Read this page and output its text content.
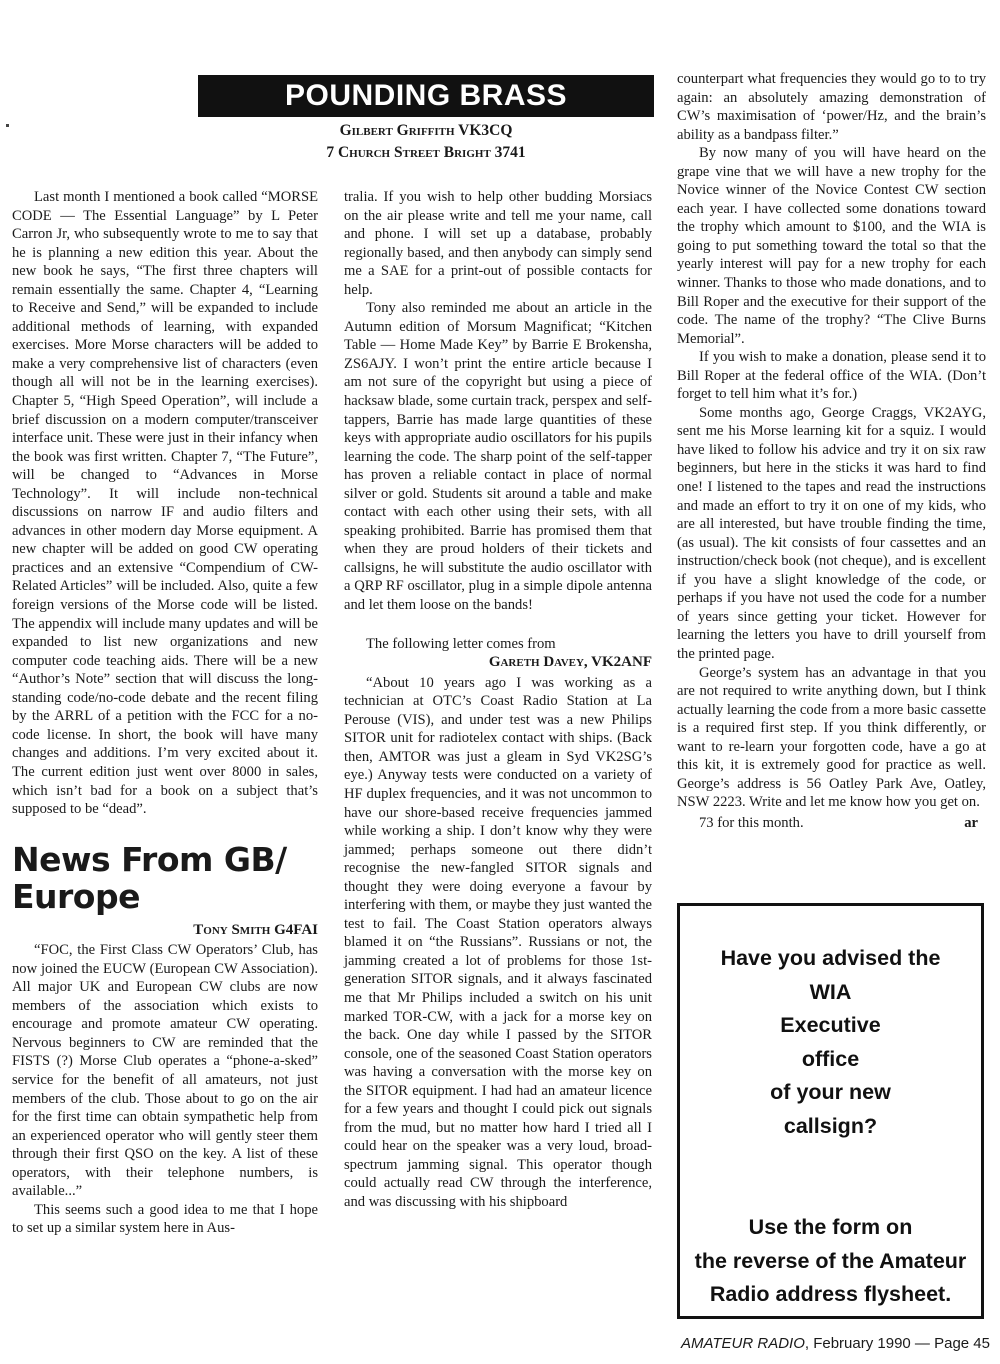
POUNDING BRASS
Gilbert Griffith VK3CQ
7 Church Street Bright 3741

Last month I mentioned a book called “MORSE CODE — The Essential Language” by L Peter Carron Jr, who subsequently wrote to me to say that he is planning a new edition this year. About the new book he says, “The first three chapters will remain essentially the same. Chapter 4, “Learning to Receive and Send,” will be expanded to include additional methods of learning, with expanded exercises. More Morse characters will be added to make a very comprehensive list of characters (even though all will not be in the learning exercises). Chapter 5, “High Speed Operation”, will include a brief discussion on a modern computer/transceiver interface unit. These were just in their infancy when the book was first written. Chapter 7, “The Future”, will be changed to “Advances in Morse Technology”. It will include non-technical discussions on narrow IF and audio filters and advances in other modern day Morse equipment. A new chapter will be added on good CW operating practices and an extensive “Compendium of CW-Related Articles” will be included. Also, quite a few foreign versions of the Morse code will be listed. The appendix will include many updates and will be expanded to list new organizations and new computer code teaching aids. There will be a new “Author’s Note” section that will discuss the long-standing code/no-code debate and the recent filing by the ARRL of a petition with the FCC for a no-code license. In short, the book will have many changes and additions. I’m very excited about it. The current edition just went over 8000 in sales, which isn’t bad for a book on a subject that’s supposed to be “dead”.

News From GB/ Europe
Tony Smith G4FAI

“FOC, the First Class CW Operators’ Club, has now joined the EUCW (European CW Association). All major UK and European CW clubs are now members of the association which exists to encourage and promote amateur CW operating. Nervous beginners to CW are reminded that the FISTS (?) Morse Club operates a “phone-a-sked” service for the benefit of all amateurs, not just members of the club. Those about to go on the air for the first time can obtain sympathetic help from an experienced operator who will gently steer them through their first QSO on the key. A list of these operators, with their telephone numbers, is available...”

This seems such a good idea to me that I hope to set up a similar system here in Aus-

tralia. If you wish to help other budding Morsiacs on the air please write and tell me your name, call and phone. I will set up a database, probably regionally based, and then anybody can simply send me a SAE for a print-out of possible contacts for help.

Tony also reminded me about an article in the Autumn edition of Morsum Magnificat; “Kitchen Table — Home Made Key” by Barrie E Brokensha, ZS6AJY. I won’t print the entire article because I am not sure of the copyright but using a piece of hacksaw blade, some curtain track, perspex and self-tappers, Barrie has made large quantities of these keys with appropriate audio oscillators for his pupils learning the code. The sharp point of the self-tapper has proven a reliable contact in place of normal silver or gold. Students sit around a table and make contact with each other using their sets, with all speaking prohibited. Barrie has promised them that when they are proud holders of their tickets and callsigns, he will substitute the audio oscillator with a QRP RF oscillator, plug in a simple dipole antenna and let them loose on the bands!

The following letter comes from

Gareth Davey, VK2ANF

“About 10 years ago I was working as a technician at OTC’s Coast Radio Station at La Perouse (VIS), and under test was a new Philips SITOR unit for radiotelex contact with ships. (Back then, AMTOR was just a gleam in Syd VK2SG’s eye.) Anyway tests were conducted on a variety of HF duplex frequencies, and it was not uncommon to have our shore-based receive frequencies jammed while working a ship. I don’t know why they were jammed; perhaps someone out there didn’t recognise the new-fangled SITOR signals and thought they were doing everyone a favour by interfering with them, or maybe they just wanted the test to fail. The Coast Station operators always blamed it on “the Russians”. Russians or not, the jamming created a lot of problems for those 1st-generation SITOR signals, and it always fascinated me that Mr Philips included a switch on his unit marked TOR-CW, with a jack for a morse key on the back. One day while I passed by the SITOR console, one of the seasoned Coast Station operators was having a conversation with the morse key on the SITOR equipment. I had had an amateur licence for a few years and thought I could pick out signals from the mud, but no matter how hard I tried all I could hear on the speaker was a very loud, broad-spectrum jamming signal. This operator though could actually read CW through the interference, and was discussing with his shipboard

counterpart what frequencies they would go to to try again: an absolutely amazing demonstration of CW’s maximisation of ‘power/Hz, and the brain’s ability as a bandpass filter.”

By now many of you will have heard on the grape vine that we will have a new trophy for the Novice winner of the Novice Contest CW section each year. I have collected some donations toward the trophy which amount to $100, and the WIA is going to put something toward the total so that the yearly interest will pay for a new trophy for each winner. Thanks to those who made donations, and to Bill Roper and the executive for their support of the code. The name of the trophy? “The Clive Burns Memorial”.

If you wish to make a donation, please send it to Bill Roper at the federal office of the WIA. (Don’t forget to tell him what it’s for.)

Some months ago, George Craggs, VK2AYG, sent me his Morse learning kit for a squiz. I would have liked to follow his advice and try it on six raw beginners, but here in the sticks it was hard to find one! I listened to the tapes and read the instructions and made an effort to try it on one of my kids, who are all interested, but have trouble finding the time, (as usual). The kit consists of four cassettes and an instruction/check book (not cheque), and is excellent if you have a slight knowledge of the code, or perhaps if you have not used the code for a number of years since getting your ticket. However for learning the letters you have to drill yourself from the printed page.

George’s system has an advantage in that you are not required to write anything down, but I think actually learning the code from a more basic cassette is a required first step. If you think differently, or want to re-learn your forgotten code, have a go at this kit, it is extremely good for practice as well. George’s address is 56 Oatley Park Ave, Oatley, NSW 2223. Write and let me know how you get on.

73 for this month.	ar
Have you advised the
WIA
Executive
office
of your new
callsign?
Use the form on
the reverse of the Amateur
Radio address flysheet.
AMATEUR RADIO, February 1990 — Page 45
